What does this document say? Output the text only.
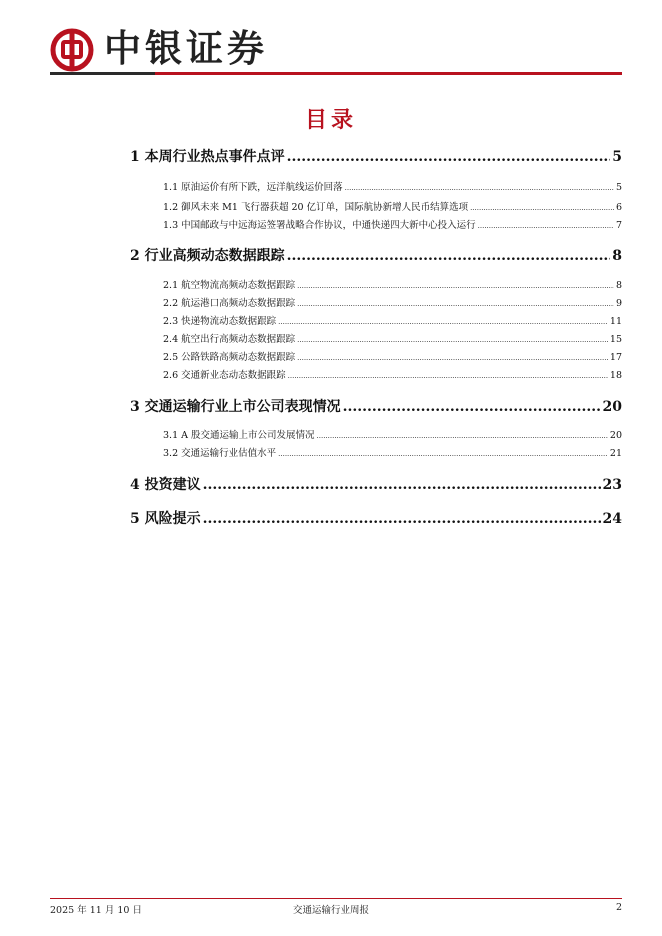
中银证券
目录
1 本周行业热点事件点评 .....	5
1.1 原油运价有所下跌，远洋航线运价回落 .....	5
1.2 御风未来 M1 飞行器获超 20 亿订单，国际航协新增人民币结算选项 .....	6
1.3 中国邮政与中远海运签署战略合作协议，中通快递四大新中心投入运行 .....	7
2 行业高频动态数据跟踪 .....	8
2.1 航空物流高频动态数据跟踪 .....	8
2.2 航运港口高频动态数据跟踪 .....	9
2.3 快递物流动态数据跟踪 .....	11
2.4 航空出行高频动态数据跟踪 .....	15
2.5 公路铁路高频动态数据跟踪 .....	17
2.6 交通新业态动态数据跟踪 .....	18
3 交通运输行业上市公司表现情况 .....	20
3.1 A 股交通运输上市公司发展情况 .....	20
3.2 交通运输行业估值水平 .....	21
4 投资建议 .....	23
5 风险提示 .....	24
2025 年 11 月 10 日	交通运输行业周报	2
